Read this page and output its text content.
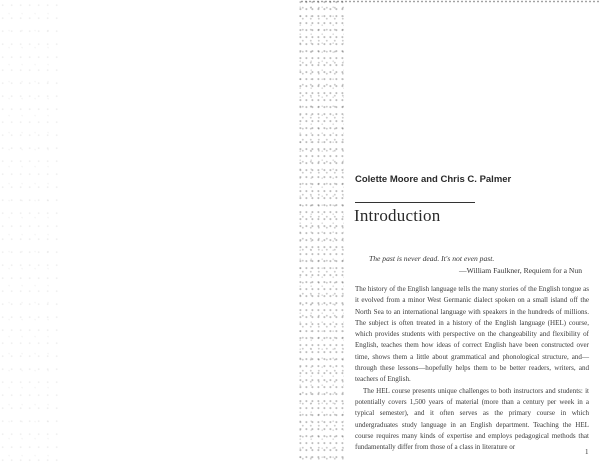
Colette Moore and Chris C. Palmer

Introduction

The past is never dead. It's not even past.

—William Faulkner, Requiem for a Nun

The history of the English language tells the many stories of the English tongue as it evolved from a minor West Germanic dialect spoken on a small island off the North Sea to an international language with speakers in the hundreds of millions. The subject is often treated in a history of the English language (HEL) course, which provides students with perspective on the changeability and flexibility of English, teaches them how ideas of correct English have been constructed over time, shows them a little about grammatical and phonological structure, and—through these lessons—hopefully helps them to be better readers, writers, and teachers of English.

The HEL course presents unique challenges to both instructors and students: it potentially covers 1,500 years of material (more than a century per week in a typical semester), and it often serves as the primary course in which undergraduates study language in an English department. Teaching the HEL course requires many kinds of expertise and employs pedagogical methods that fundamentally differ from those of a class in literature or

1
